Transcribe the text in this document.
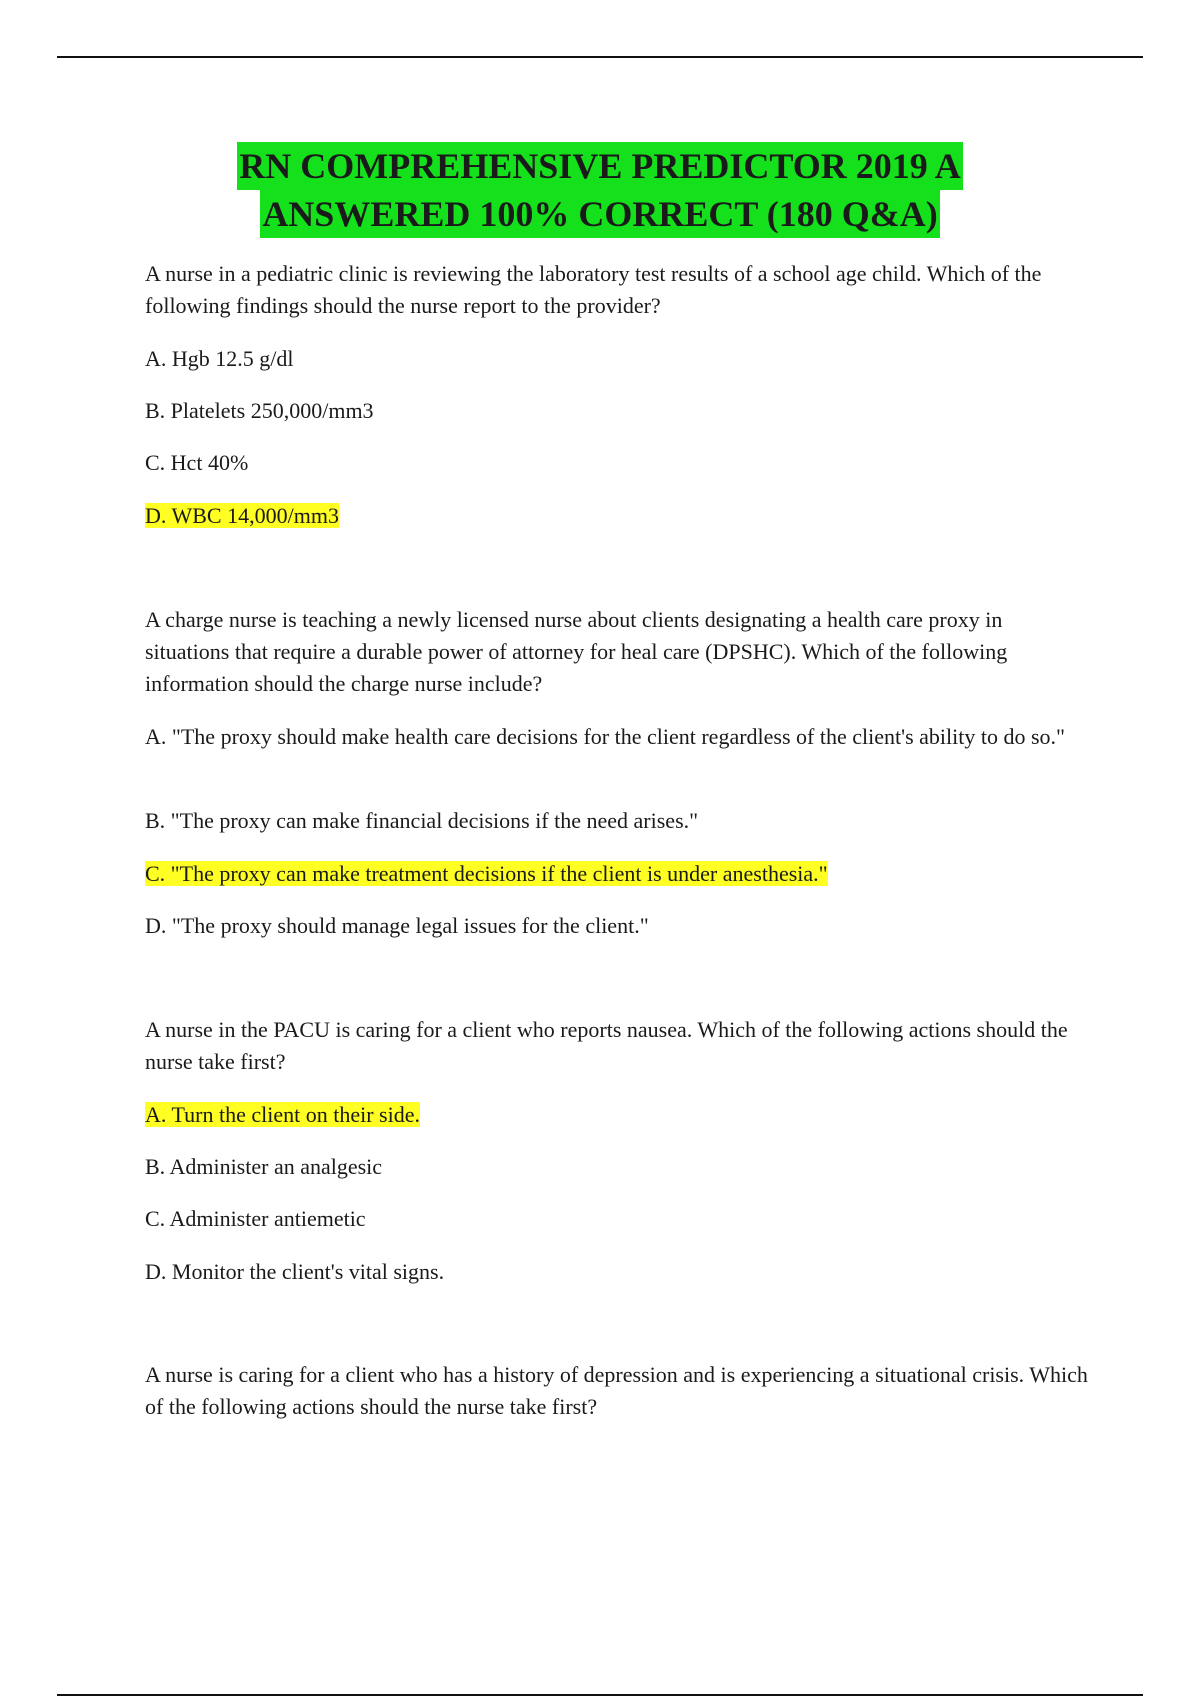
RN COMPREHENSIVE PREDICTOR 2019 A
ANSWERED 100% CORRECT (180 Q&A)

A nurse in a pediatric clinic is reviewing the laboratory test results of a school age child. Which of the following findings should the nurse report to the provider?

A. Hgb 12.5 g/dl

B. Platelets 250,000/mm3

C. Hct 40%

D. WBC 14,000/mm3

A charge nurse is teaching a newly licensed nurse about clients designating a health care proxy in situations that require a durable power of attorney for heal care (DPSHC). Which of the following information should the charge nurse include?

A. "The proxy should make health care decisions for the client regardless of the client's ability to do so."

B. "The proxy can make financial decisions if the need arises."

C. "The proxy can make treatment decisions if the client is under anesthesia."

D. "The proxy should manage legal issues for the client."

A nurse in the PACU is caring for a client who reports nausea. Which of the following actions should the nurse take first?

A. Turn the client on their side.

B. Administer an analgesic

C. Administer antiemetic

D. Monitor the client's vital signs.

A nurse is caring for a client who has a history of depression and is experiencing a situational crisis. Which of the following actions should the nurse take first?
